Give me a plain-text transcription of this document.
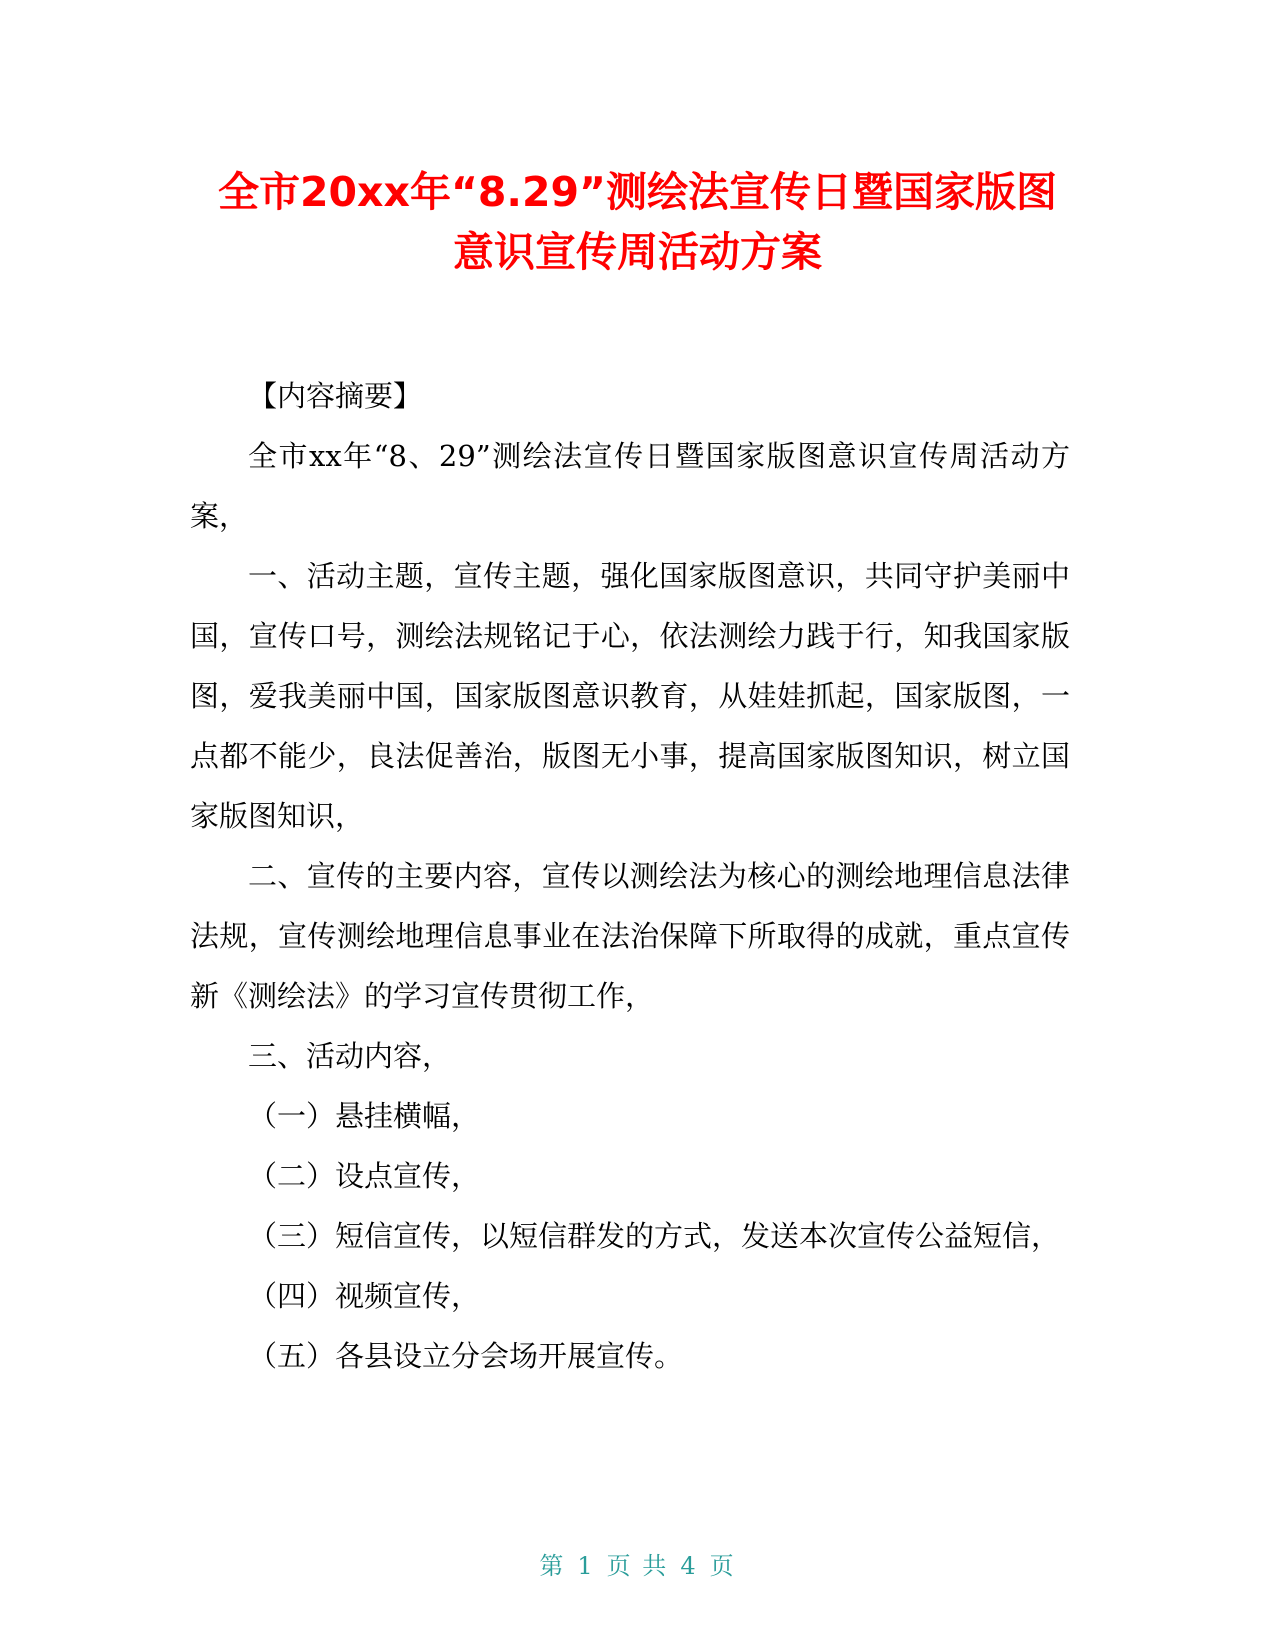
全市20xx年“8.29”测绘法宣传日暨国家版图
意识宣传周活动方案

【内容摘要】

全市xx年“8、29”测绘法宣传日暨国家版图意识宣传周活动方案，

一、活动主题，宣传主题，强化国家版图意识，共同守护美丽中国，宣传口号，测绘法规铭记于心，依法测绘力践于行，知我国家版图，爱我美丽中国，国家版图意识教育，从娃娃抓起，国家版图，一点都不能少，良法促善治，版图无小事，提高国家版图知识，树立国家版图知识，

二、宣传的主要内容，宣传以测绘法为核心的测绘地理信息法律法规，宣传测绘地理信息事业在法治保障下所取得的成就，重点宣传新《测绘法》的学习宣传贯彻工作，

三、活动内容，

（一）悬挂横幅，

（二）设点宣传，

（三）短信宣传，以短信群发的方式，发送本次宣传公益短信，

（四）视频宣传，

（五）各县设立分会场开展宣传。

第 1 页 共 4 页
